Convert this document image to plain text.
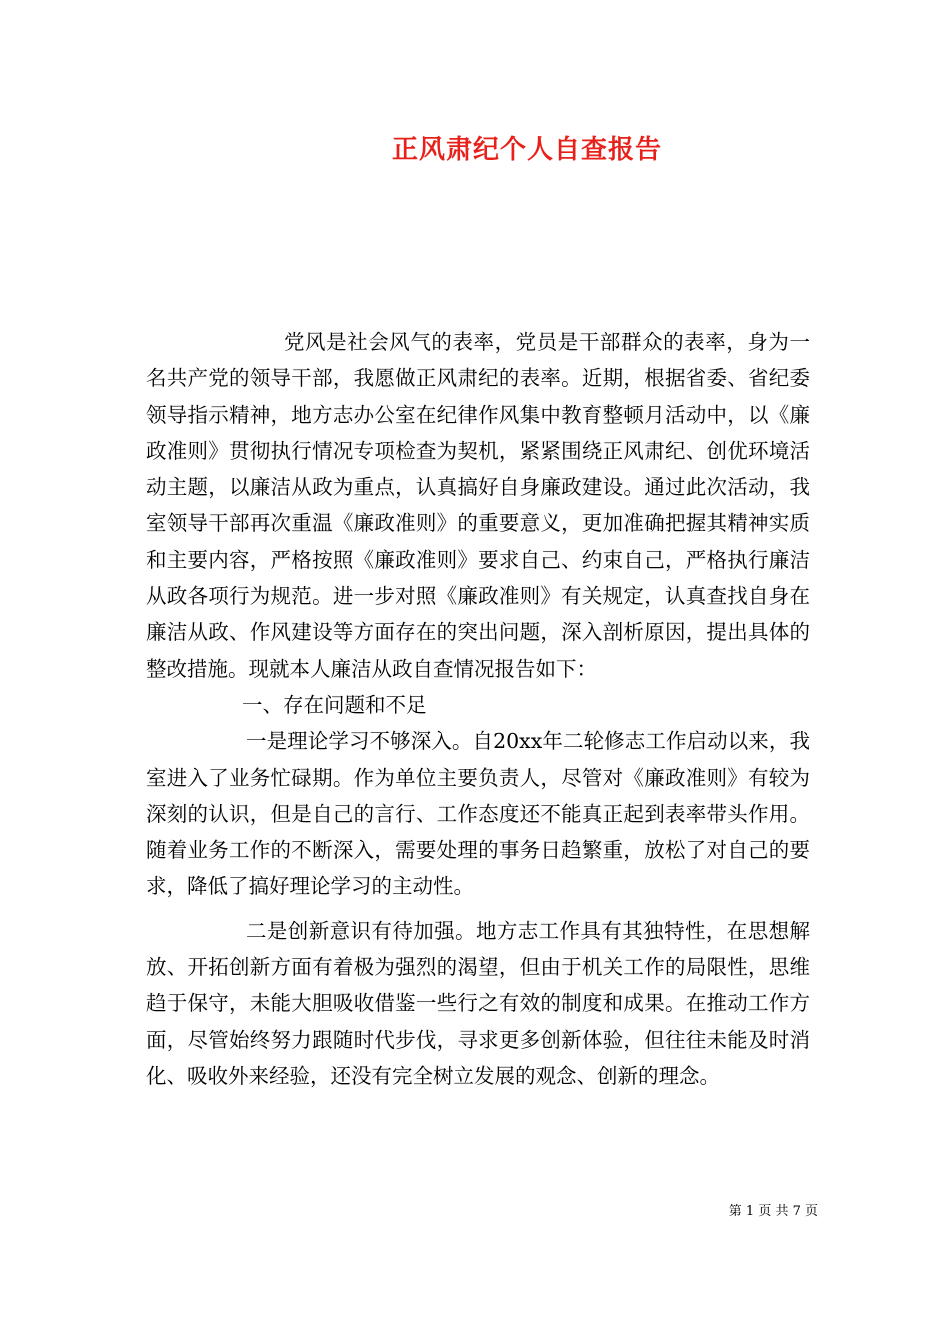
正风肃纪个人自查报告

党风是社会风气的表率，党员是干部群众的表率，身为一名共产党的领导干部，我愿做正风肃纪的表率。近期，根据省委、省纪委领导指示精神，地方志办公室在纪律作风集中教育整顿月活动中，以《廉政准则》贯彻执行情况专项检查为契机，紧紧围绕正风肃纪、创优环境活动主题，以廉洁从政为重点，认真搞好自身廉政建设。通过此次活动，我室领导干部再次重温《廉政准则》的重要意义，更加准确把握其精神实质和主要内容，严格按照《廉政准则》要求自己、约束自己，严格执行廉洁从政各项行为规范。进一步对照《廉政准则》有关规定，认真查找自身在廉洁从政、作风建设等方面存在的突出问题，深入剖析原因，提出具体的整改措施。现就本人廉洁从政自查情况报告如下：

一、存在问题和不足

一是理论学习不够深入。自20xx年二轮修志工作启动以来，我室进入了业务忙碌期。作为单位主要负责人，尽管对《廉政准则》有较为深刻的认识，但是自己的言行、工作态度还不能真正起到表率带头作用。随着业务工作的不断深入，需要处理的事务日趋繁重，放松了对自己的要求，降低了搞好理论学习的主动性。

二是创新意识有待加强。地方志工作具有其独特性，在思想解放、开拓创新方面有着极为强烈的渴望，但由于机关工作的局限性，思维趋于保守，未能大胆吸收借鉴一些行之有效的制度和成果。在推动工作方面，尽管始终努力跟随时代步伐，寻求更多创新体验，但往往未能及时消化、吸收外来经验，还没有完全树立发展的观念、创新的理念。

第 1 页 共 7 页
